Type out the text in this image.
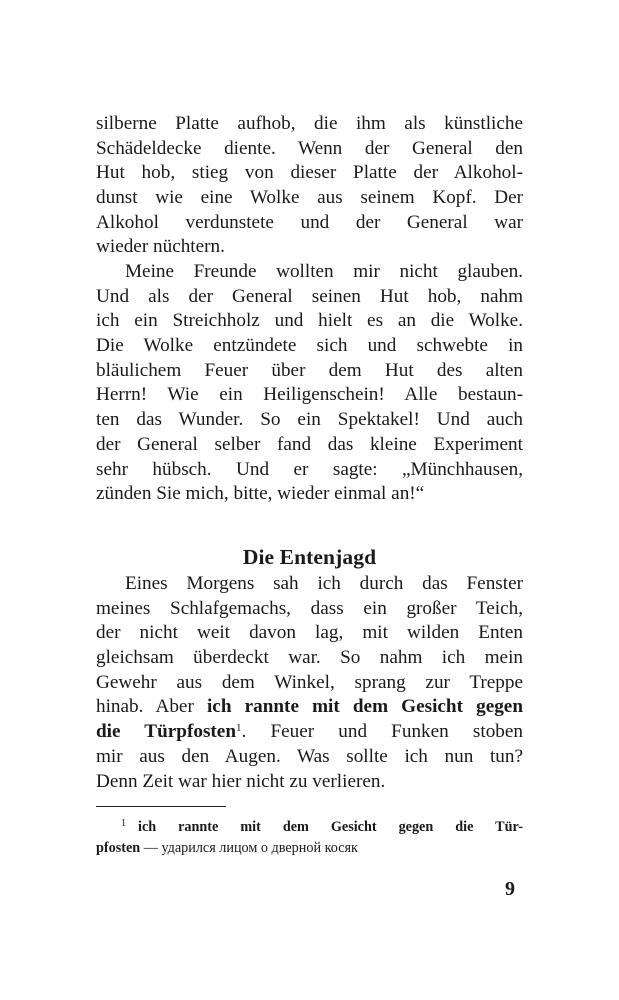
silberne Platte aufhob, die ihm als künstliche
Schädeldecke diente. Wenn der General den
Hut hob, stieg von dieser Platte der Alkohol-
dunst wie eine Wolke aus seinem Kopf. Der
Alkohol verdunstete und der General war
wieder nüchtern.
Meine Freunde wollten mir nicht glauben.
Und als der General seinen Hut hob, nahm
ich ein Streichholz und hielt es an die Wolke.
Die Wolke entzündete sich und schwebte in
bläulichem Feuer über dem Hut des alten
Herrn! Wie ein Heiligenschein! Alle bestaun-
ten das Wunder. So ein Spektakel! Und auch
der General selber fand das kleine Experiment
sehr hübsch. Und er sagte: „Münchhausen,
zünden Sie mich, bitte, wieder einmal an!“
Die Entenjagd
Eines Morgens sah ich durch das Fenster
meines Schlafgemachs, dass ein großer Teich,
der nicht weit davon lag, mit wilden Enten
gleichsam überdeckt war. So nahm ich mein
Gewehr aus dem Winkel, sprang zur Treppe
hinab. Aber ich rannte mit dem Gesicht gegen
die Türpfosten$^1$. Feuer und Funken stoben
mir aus den Augen. Was sollte ich nun tun?
Denn Zeit war hier nicht zu verlieren.
$^1$ ich rannte mit dem Gesicht gegen die Tür-
pfosten — ударился лицом о дверной косяк
9
